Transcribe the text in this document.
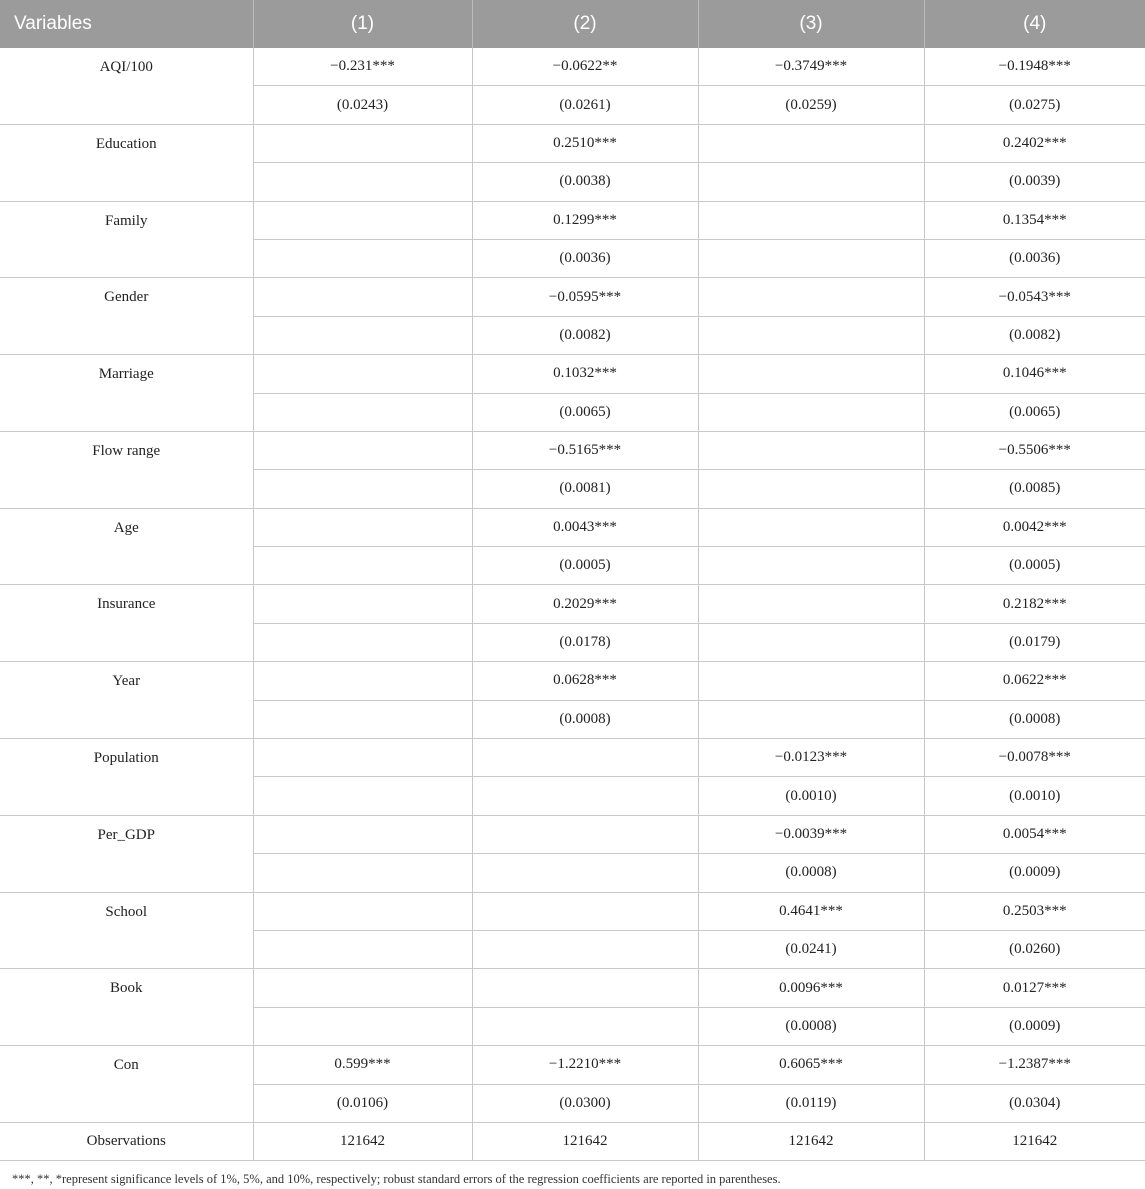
Variables	(1)	(2)	(3)	(4)
AQI/100	−0.231***	−0.0622**	−0.3749***	−0.1948***
	(0.0243)	(0.0261)	(0.0259)	(0.0275)
Education		0.2510***		0.2402***
		(0.0038)		(0.0039)
Family		0.1299***		0.1354***
		(0.0036)		(0.0036)
Gender		−0.0595***		−0.0543***
		(0.0082)		(0.0082)
Marriage		0.1032***		0.1046***
		(0.0065)		(0.0065)
Flow range		−0.5165***		−0.5506***
		(0.0081)		(0.0085)
Age		0.0043***		0.0042***
		(0.0005)		(0.0005)
Insurance		0.2029***		0.2182***
		(0.0178)		(0.0179)
Year		0.0628***		0.0622***
		(0.0008)		(0.0008)
Population			−0.0123***	−0.0078***
			(0.0010)	(0.0010)
Per_GDP			−0.0039***	0.0054***
			(0.0008)	(0.0009)
School			0.4641***	0.2503***
			(0.0241)	(0.0260)
Book			0.0096***	0.0127***
			(0.0008)	(0.0009)
Con	0.599***	−1.2210***	0.6065***	−1.2387***
	(0.0106)	(0.0300)	(0.0119)	(0.0304)
Observations	121642	121642	121642	121642
***, **, *represent significance levels of 1%, 5%, and 10%, respectively; robust standard errors of the regression coefficients are reported in parentheses.
